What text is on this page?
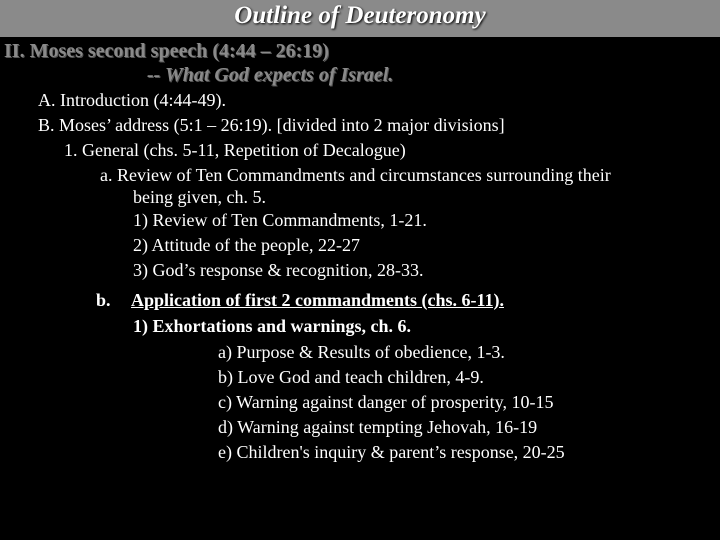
Outline of Deuteronomy
II. Moses second speech (4:44 – 26:19)
-- What God expects of Israel.
A. Introduction (4:44-49).
B. Moses’ address (5:1 – 26:19). [divided into 2 major divisions]
1. General (chs. 5-11, Repetition of Decalogue)
a. Review of Ten Commandments and circumstances surrounding their
being given, ch. 5.
1) Review of Ten Commandments, 1-21.
2) Attitude of the people, 22-27
3) God’s response & recognition, 28-33.
b. Application of first 2 commandments (chs. 6-11).
1) Exhortations and warnings, ch. 6.
a) Purpose & Results of obedience, 1-3.
b) Love God and teach children, 4-9.
c) Warning against danger of prosperity, 10-15
d) Warning against tempting Jehovah, 16-19
e) Children's inquiry & parent’s response, 20-25
